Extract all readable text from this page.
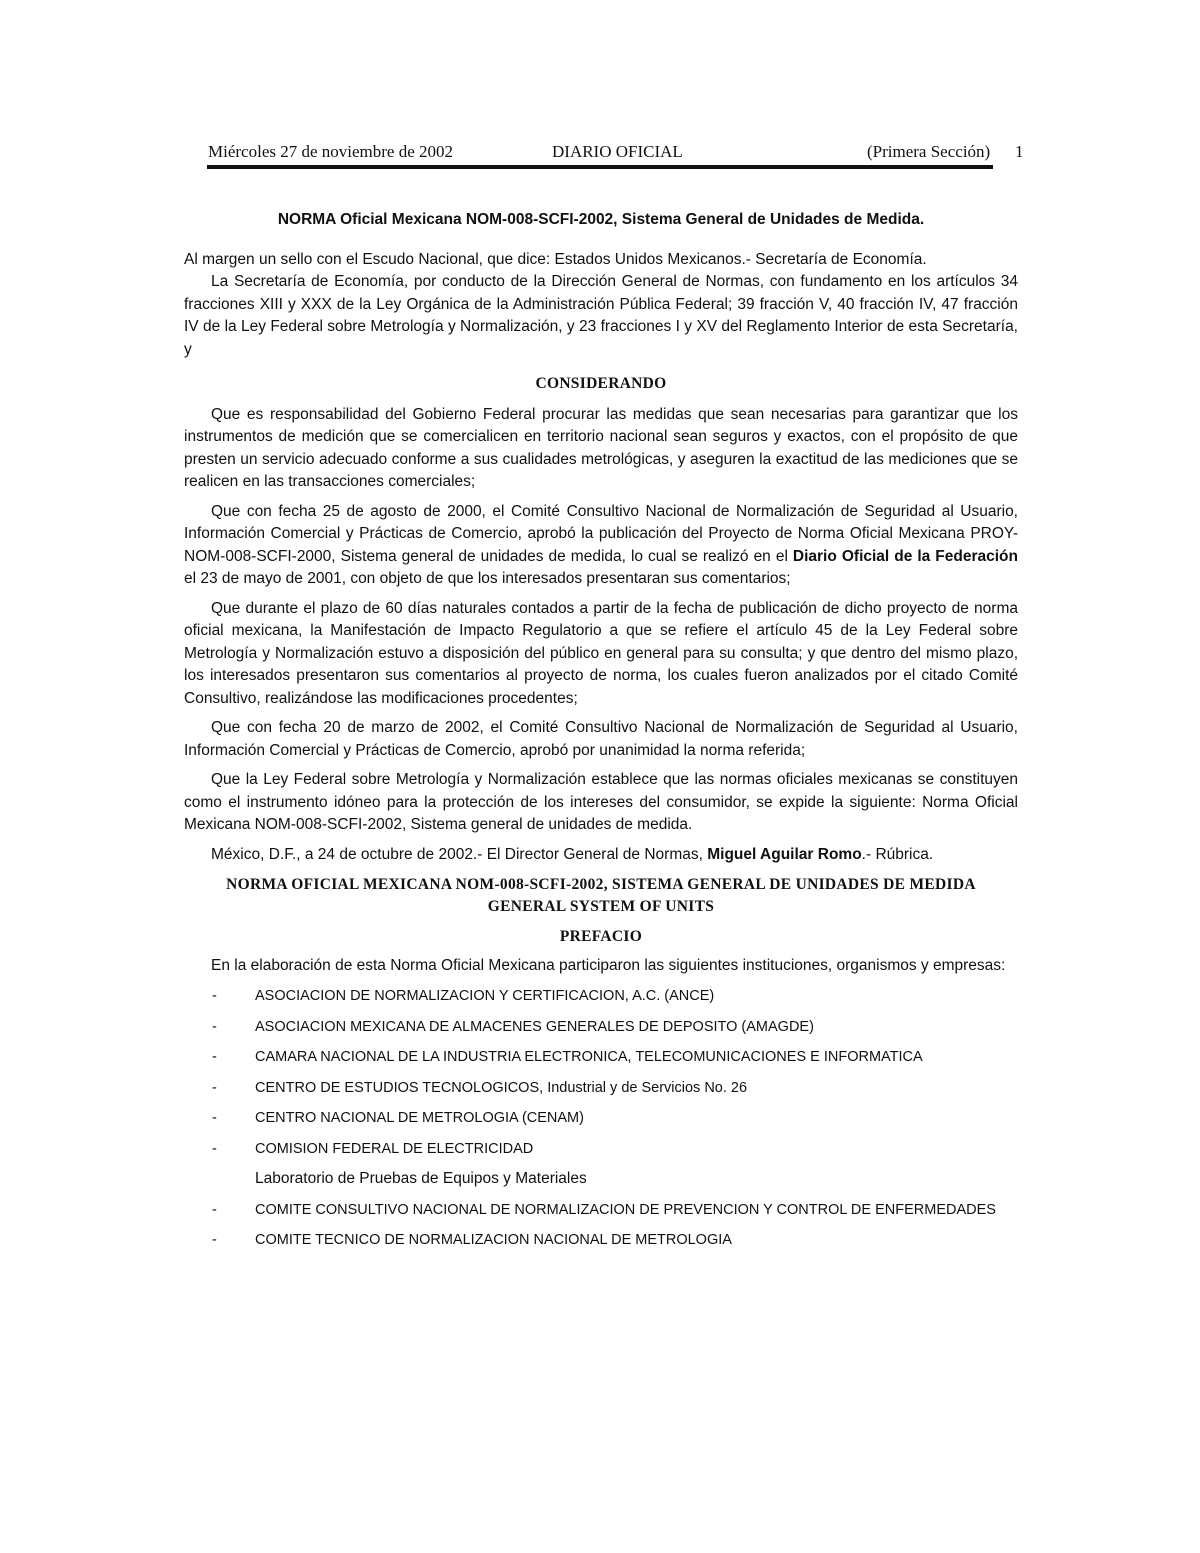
Miércoles 27 de noviembre de 2002	DIARIO OFICIAL	(Primera Sección) 1
NORMA Oficial Mexicana NOM-008-SCFI-2002, Sistema General de Unidades de Medida.

Al margen un sello con el Escudo Nacional, que dice: Estados Unidos Mexicanos.- Secretaría de Economía.

La Secretaría de Economía, por conducto de la Dirección General de Normas, con fundamento en los artículos 34 fracciones XIII y XXX de la Ley Orgánica de la Administración Pública Federal; 39 fracción V, 40 fracción IV, 47 fracción IV de la Ley Federal sobre Metrología y Normalización, y 23 fracciones I y XV del Reglamento Interior de esta Secretaría, y

CONSIDERANDO

Que es responsabilidad del Gobierno Federal procurar las medidas que sean necesarias para garantizar que los instrumentos de medición que se comercialicen en territorio nacional sean seguros y exactos, con el propósito de que presten un servicio adecuado conforme a sus cualidades metrológicas, y aseguren la exactitud de las mediciones que se realicen en las transacciones comerciales;

Que con fecha 25 de agosto de 2000, el Comité Consultivo Nacional de Normalización de Seguridad al Usuario, Información Comercial y Prácticas de Comercio, aprobó la publicación del Proyecto de Norma Oficial Mexicana PROY-NOM-008-SCFI-2000, Sistema general de unidades de medida, lo cual se realizó en el Diario Oficial de la Federación el 23 de mayo de 2001, con objeto de que los interesados presentaran sus comentarios;

Que durante el plazo de 60 días naturales contados a partir de la fecha de publicación de dicho proyecto de norma oficial mexicana, la Manifestación de Impacto Regulatorio a que se refiere el artículo 45 de la Ley Federal sobre Metrología y Normalización estuvo a disposición del público en general para su consulta; y que dentro del mismo plazo, los interesados presentaron sus comentarios al proyecto de norma, los cuales fueron analizados por el citado Comité Consultivo, realizándose las modificaciones procedentes;

Que con fecha 20 de marzo de 2002, el Comité Consultivo Nacional de Normalización de Seguridad al Usuario, Información Comercial y Prácticas de Comercio, aprobó por unanimidad la norma referida;

Que la Ley Federal sobre Metrología y Normalización establece que las normas oficiales mexicanas se constituyen como el instrumento idóneo para la protección de los intereses del consumidor, se expide la siguiente: Norma Oficial Mexicana NOM-008-SCFI-2002, Sistema general de unidades de medida.

México, D.F., a 24 de octubre de 2002.- El Director General de Normas, Miguel Aguilar Romo.- Rúbrica.

NORMA OFICIAL MEXICANA NOM-008-SCFI-2002, SISTEMA GENERAL DE UNIDADES DE MEDIDA
GENERAL SYSTEM OF UNITS
PREFACIO

En la elaboración de esta Norma Oficial Mexicana participaron las siguientes instituciones, organismos y empresas:

-	ASOCIACION DE NORMALIZACION Y CERTIFICACION, A.C. (ANCE)
-	ASOCIACION MEXICANA DE ALMACENES GENERALES DE DEPOSITO (AMAGDE)
-	CAMARA NACIONAL DE LA INDUSTRIA ELECTRONICA, TELECOMUNICACIONES E INFORMATICA
-	CENTRO DE ESTUDIOS TECNOLOGICOS, Industrial y de Servicios No. 26
-	CENTRO NACIONAL DE METROLOGIA (CENAM)
-	COMISION FEDERAL DE ELECTRICIDAD
Laboratorio de Pruebas de Equipos y Materiales
-	COMITE CONSULTIVO NACIONAL DE NORMALIZACION DE PREVENCION Y CONTROL DE ENFERMEDADES
-	COMITE TECNICO DE NORMALIZACION NACIONAL DE METROLOGIA
